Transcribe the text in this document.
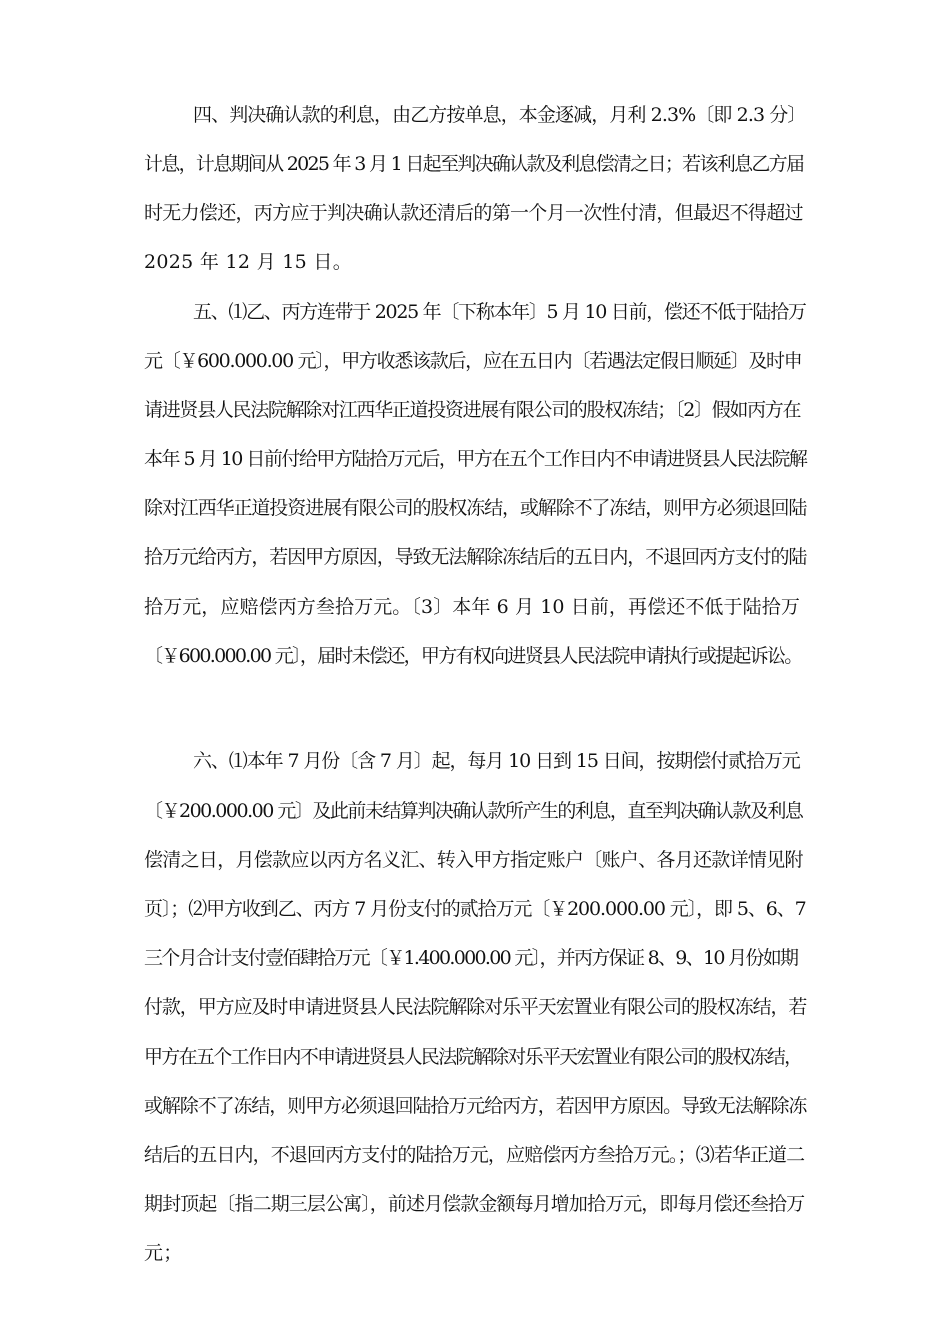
四、判决确认款的利息，由乙方按单息，本金逐减，月利 2.3%〔即 2.3 分〕
计息，计息期间从 2025 年 3 月 1 日起至判决确认款及利息偿清之日；若该利息乙方届
时无力偿还，丙方应于判决确认款还清后的第一个月一次性付清，但最迟不得超过
2025 年 12 月 15 日。
五、⑴乙、丙方连带于 2025 年〔下称本年〕5 月 10 日前，偿还不低于陆拾万
元〔￥600.000.00 元〕，甲方收悉该款后，应在五日内〔若遇法定假日顺延〕及时申
请进贤县人民法院解除对江西华正道投资进展有限公司的股权冻结；〔2〕假如丙方在
本年 5 月 10 日前付给甲方陆拾万元后，甲方在五个工作日内不申请进贤县人民法院解
除对江西华正道投资进展有限公司的股权冻结，或解除不了冻结，则甲方必须退回陆
拾万元给丙方，若因甲方原因，导致无法解除冻结后的五日内，不退回丙方支付的陆
拾万元，应赔偿丙方叁拾万元。〔3〕本年 6 月 10 日前，再偿还不低于陆拾万
〔￥600.000.00 元〕，届时未偿还，甲方有权向进贤县人民法院申请执行或提起诉讼。
六、⑴本年 7 月份〔含 7 月〕起，每月 10 日到 15 日间，按期偿付贰拾万元
〔￥200.000.00 元〕及此前未结算判决确认款所产生的利息，直至判决确认款及利息
偿清之日，月偿款应以丙方名义汇、转入甲方指定账户〔账户、各月还款详情见附
页〕；⑵甲方收到乙、丙方 7 月份支付的贰拾万元〔￥200.000.00 元〕，即 5、6、7
三个月合计支付壹佰肆拾万元〔￥1.400.000.00 元〕，并丙方保证 8、9、10 月份如期
付款，甲方应及时申请进贤县人民法院解除对乐平天宏置业有限公司的股权冻结，若
甲方在五个工作日内不申请进贤县人民法院解除对乐平天宏置业有限公司的股权冻结，
或解除不了冻结，则甲方必须退回陆拾万元给丙方，若因甲方原因。导致无法解除冻
结后的五日内，不退回丙方支付的陆拾万元，应赔偿丙方叁拾万元。；⑶若华正道二
期封顶起〔指二期三层公寓〕，前述月偿款金额每月增加拾万元，即每月偿还叁拾万
元；
